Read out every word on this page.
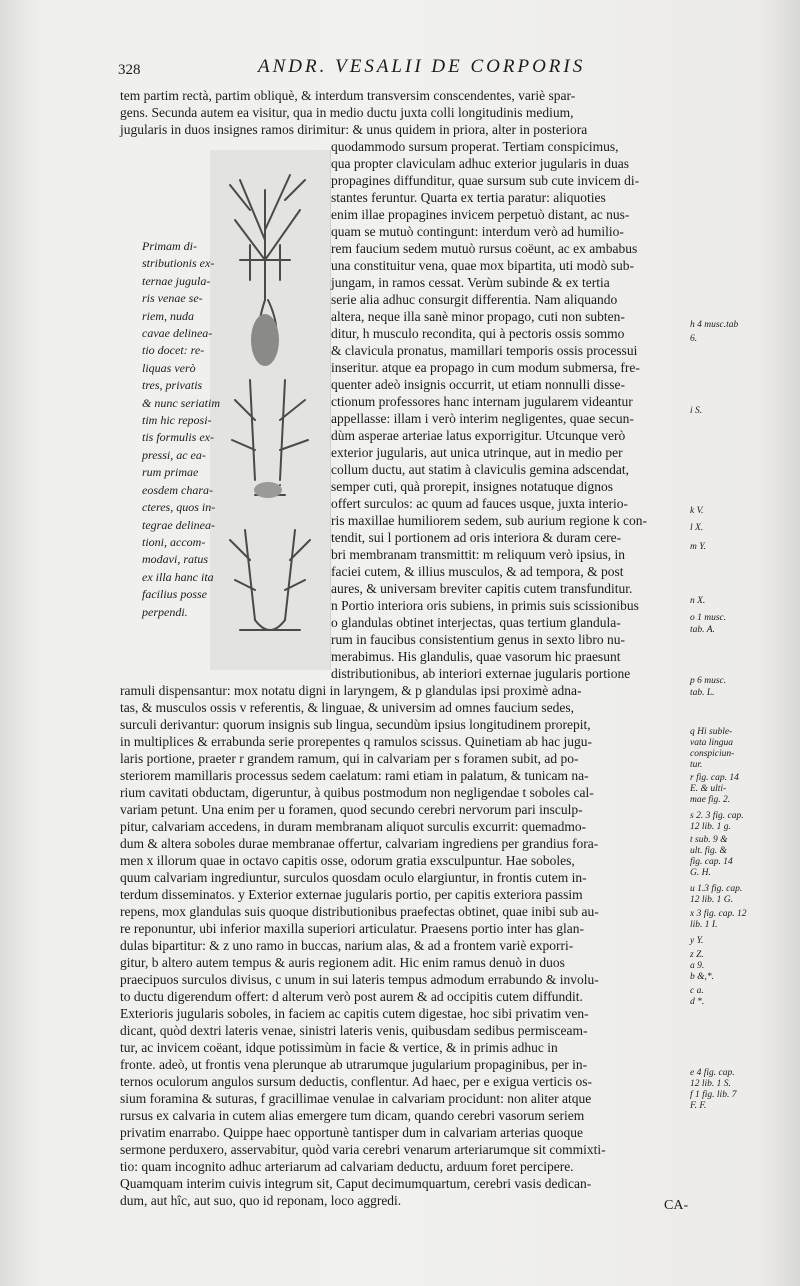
328	ANDR. VESALII DE CORPORIS
tem partim rectà, partim obliquè, & interdum transversim conscendentes, variè spar-
gens. Secunda autem ea visitur, qua in medio ductu juxta colli longitudinis medium,
jugularis in duos insignes ramos dirimitur: & unus quidem in priora, alter in posteriora
Primam di-
stributionis ex-
ternae jugula-
ris venae se-
riem, nuda
cavae delinea-
tio docet: re-
liquas verò
tres, privatis
& nunc seriatim
tim hic reposi-
tis formulis ex-
pressi, ac ea-
rum primae
eosdem chara-
cteres, quos in-
tegrae delinea-
tioni, accom-
modavi, ratus
ex illa hanc ita
facilius posse
perpendi.
quodammodo sursum properat. Tertiam conspicimus,
qua propter claviculam adhuc exterior jugularis in duas
propagines diffunditur, quae sursum sub cute invicem di-
stantes feruntur. Quarta ex tertia paratur: aliquoties
enim illae propagines invicem perpetuò distant, ac nus-
quam se mutuò contingunt: interdum verò ad humilio-
rem faucium sedem mutuò rursus coëunt, ac ex ambabus
una constituitur vena, quae mox bipartita, uti modò sub-
jungam, in ramos cessat. Verùm subinde & ex tertia
serie alia adhuc consurgit differentia. Nam aliquando
altera, neque illa sanè minor propago, cuti non subten-
ditur, h musculo recondita, qui à pectoris ossis sommo
& clavicula pronatus, mamillari temporis ossis processui
inseritur. atque ea propago in cum modum submersa, fre-
quenter adeò insignis occurrit, ut etiam nonnulli disse-
ctionum professores hanc internam jugularem videantur
appellasse: illam i verò interim negligentes, quae secun-
dùm asperae arteriae latus exporrigitur. Utcunque verò
exterior jugularis, aut unica utrinque, aut in medio per
collum ductu, aut statim à claviculis gemina adscendat,
semper cuti, quà prorepit, insignes notatuque dignos
offert surculos: ac quum ad fauces usque, juxta interio-
ris maxillae humiliorem sedem, sub aurium regione k con-
tendit, sui l portionem ad oris interiora & duram cere-
bri membranam transmittit: m reliquum verò ipsius, in
faciei cutem, & illius musculos, & ad tempora, & post
aures, & universam breviter capitis cutem transfunditur.
n Portio interiora oris subiens, in primis suis scissionibus
o glandulas obtinet interjectas, quas tertium glandula-
rum in faucibus consistentium genus in sexto libro nu-
merabimus. His glandulis, quae vasorum hic praesunt
distributionibus, ab interiori externae jugularis portione
ramuli dispensantur: mox notatu digni in laryngem, & p glandulas ipsi proximè adna-
tas, & musculos ossis v referentis, & linguae, & universim ad omnes faucium sedes,
surculi derivantur: quorum insignis sub lingua, secundùm ipsius longitudinem prorepit,
in multiplices & errabunda serie prorepentes q ramulos scissus. Quinetiam ab hac jugu-
laris portione, praeter r grandem ramum, qui in calvariam per s foramen subit, ad po-
steriorem mamillaris processus sedem caelatum: rami etiam in palatum, & tunicam na-
rium cavitati obductam, digeruntur, à quibus postmodum non negligendae t soboles cal-
variam petunt. Una enim per u foramen, quod secundo cerebri nervorum pari insculp-
pitur, calvariam accedens, in duram membranam aliquot surculis excurrit: quemadmo-
dum & altera soboles durae membranae offertur, calvariam ingrediens per grandius fora-
men x illorum quae in octavo capitis osse, odorum gratia exsculpuntur. Hae soboles,
quum calvariam ingrediuntur, surculos quosdam oculo elargiuntur, in frontis cutem in-
terdum disseminatos. y Exterior externae jugularis portio, per capitis exteriora passim
repens, mox glandulas suis quoque distributionibus praefectas obtinet, quae inibi sub au-
re reponuntur, ubi inferior maxilla superiori articulatur. Praesens portio inter has glan-
dulas bipartitur: & z uno ramo in buccas, narium alas, & ad a frontem variè exporri-
gitur, b altero autem tempus & auris regionem adit. Hic enim ramus denuò in duos
praecipuos surculos divisus, c unum in sui lateris tempus admodum errabundo & involu-
to ductu digerendum offert: d alterum verò post aurem & ad occipitis cutem diffundit.
Exterioris jugularis soboles, in faciem ac capitis cutem digestae, hoc sibi privatim ven-
dicant, quòd dextri lateris venae, sinistri lateris venis, quibusdam sedibus permisceam-
tur, ac invicem coëant, idque potissimùm in facie & vertice, & in primis adhuc in
fronte. adeò, ut frontis vena plerunque ab utrarumque jugularium propaginibus, per in-
ternos oculorum angulos sursum deductis, conflentur. Ad haec, per e exigua verticis os-
sium foramina & suturas, f gracillimae venulae in calvariam procidunt: non aliter atque
rursus ex calvaria in cutem alias emergere tum dicam, quando cerebri vasorum seriem
privatim enarrabo. Quippe haec opportunè tantisper dum in calvariam arterias quoque
sermone perduxero, asservabitur, quòd varia cerebri venarum arteriarumque sit commixti-
tio: quam incognito adhuc arteriarum ad calvariam deductu, arduum foret percipere.
Quamquam interim cuivis integrum sit, Caput decimumquartum, cerebri vasis dedican-
dum, aut hîc, aut suo, quo id reponam, loco aggredi.
h 4 musc.tab
6.
i S.
k V.
l X.
m Y.
n X.
o 1 musc.
tab. A.
p 6 musc.
tab. L.
q Hi suble-
vata lingua
conspiciun-
tur.
r fig. cap. 14
E. & ulti-
mae fig. 2.
s 2. 3 fig. cap.
12 lib. 1 g.
t sub. 9 &
ult. fig. &
fig. cap. 14
G. H.
u 1.3 fig. cap.
12 lib. 1 G.
x 3 fig. cap. 12
lib. 1 I.
y Y.
z Z.
a 9.
b &,*.
c a.
d *.
e 4 fig. cap.
12 lib. 1 S.
f 1 fig. lib. 7
F. F.
CA-
